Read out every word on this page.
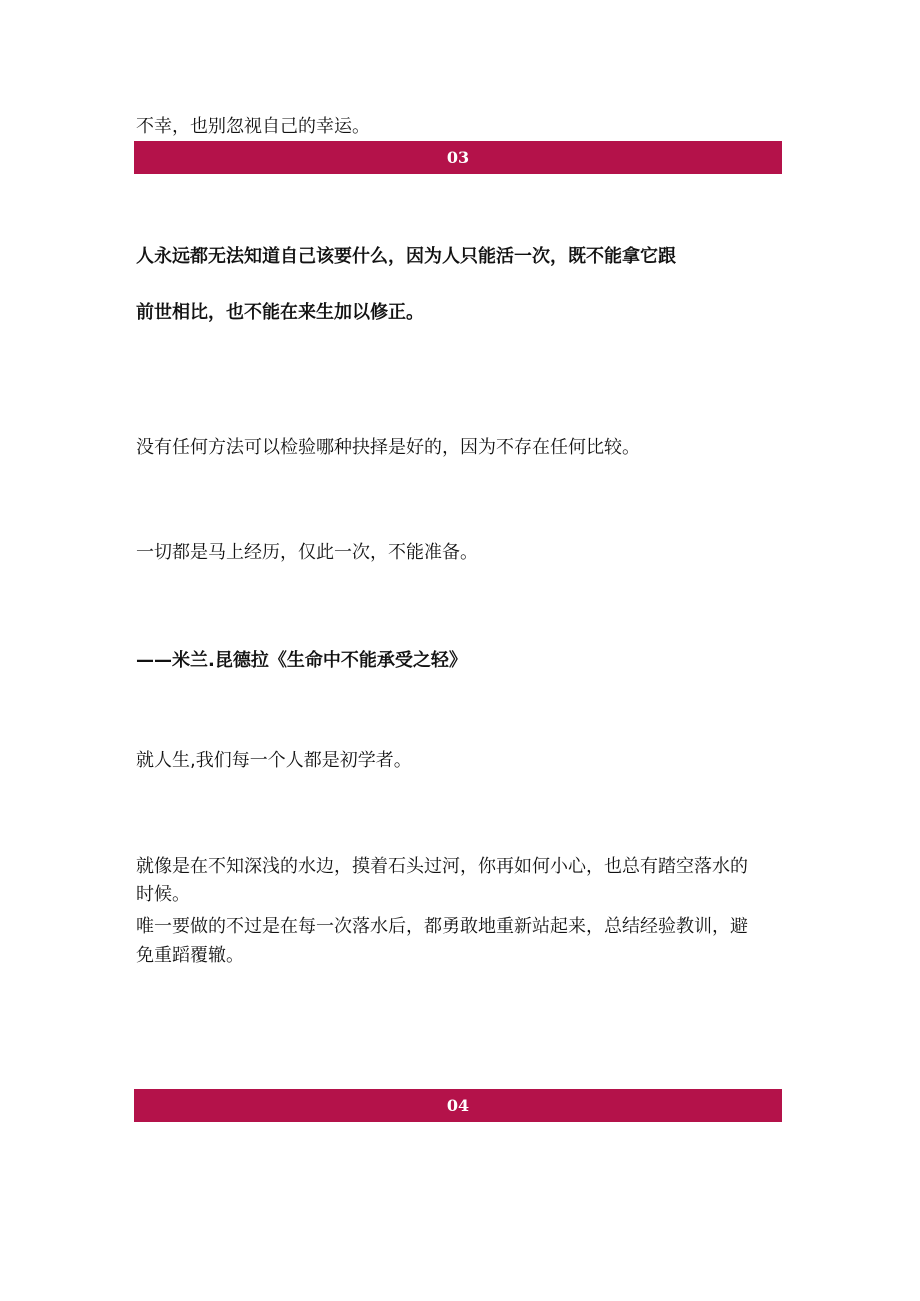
不幸，也别忽视自己的幸运。
03
人永远都无法知道自己该要什么，因为人只能活一次，既不能拿它跟
前世相比，也不能在来生加以修正。
没有任何方法可以检验哪种抉择是好的，因为不存在任何比较。
一切都是马上经历，仅此一次，不能准备。
——米兰.昆德拉《生命中不能承受之轻》
就人生,我们每一个人都是初学者。
就像是在不知深浅的水边，摸着石头过河，你再如何小心，也总有踏空落水的
时候。
唯一要做的不过是在每一次落水后，都勇敢地重新站起来，总结经验教训，避
免重蹈覆辙。
04
